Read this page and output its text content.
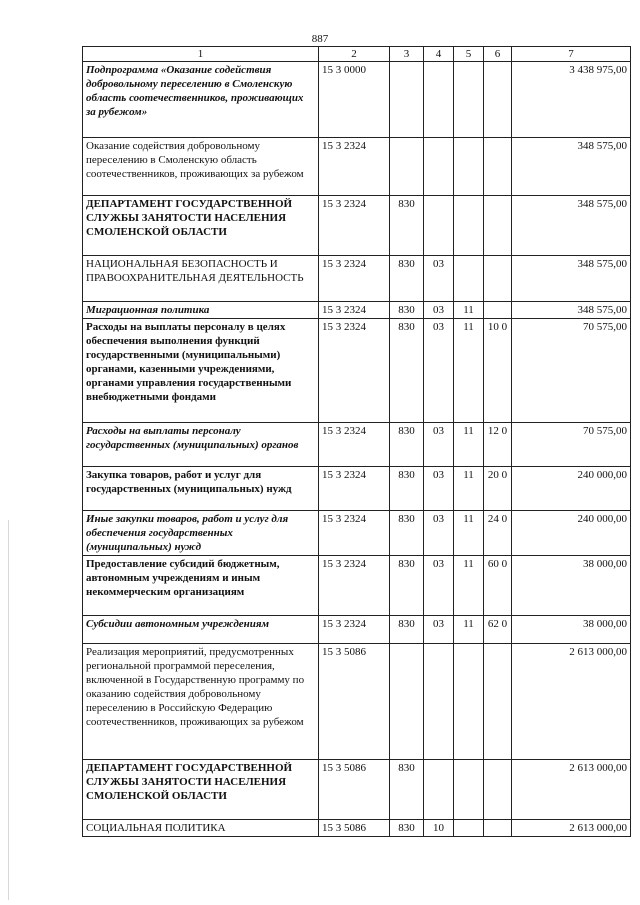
887
1	2	3	4	5	6	7
Подпрограмма «Оказание содействия добровольному переселению в Смоленскую область соотечественников, проживающих за рубежом»	15 3 0000					3 438 975,00
Оказание содействия добровольному переселению в Смоленскую область соотечественников, проживающих за рубежом	15 3 2324					348 575,00
ДЕПАРТАМЕНТ ГОСУДАРСТВЕННОЙ СЛУЖБЫ ЗАНЯТОСТИ НАСЕЛЕНИЯ СМОЛЕНСКОЙ ОБЛАСТИ	15 3 2324	830				348 575,00
НАЦИОНАЛЬНАЯ БЕЗОПАСНОСТЬ И ПРАВООХРАНИТЕЛЬНАЯ ДЕЯТЕЛЬНОСТЬ	15 3 2324	830	03			348 575,00
Миграционная политика	15 3 2324	830	03	11		348 575,00
Расходы на выплаты персоналу в целях обеспечения выполнения функций государственными (муниципальными) органами, казенными учреждениями, органами управления государственными внебюджетными фондами	15 3 2324	830	03	11	10 0	70 575,00
Расходы на выплаты персоналу государственных (муниципальных) органов	15 3 2324	830	03	11	12 0	70 575,00
Закупка товаров, работ и услуг для государственных (муниципальных) нужд	15 3 2324	830	03	11	20 0	240 000,00
Иные закупки товаров, работ и услуг для обеспечения государственных (муниципальных) нужд	15 3 2324	830	03	11	24 0	240 000,00
Предоставление субсидий бюджетным, автономным учреждениям и иным некоммерческим организациям	15 3 2324	830	03	11	60 0	38 000,00
Субсидии автономным учреждениям	15 3 2324	830	03	11	62 0	38 000,00
Реализация мероприятий, предусмотренных региональной программой переселения, включенной в Государственную программу по оказанию содействия добровольному переселению в Российскую Федерацию соотечественников, проживающих за рубежом	15 3 5086					2 613 000,00
ДЕПАРТАМЕНТ ГОСУДАРСТВЕННОЙ СЛУЖБЫ ЗАНЯТОСТИ НАСЕЛЕНИЯ СМОЛЕНСКОЙ ОБЛАСТИ	15 3 5086	830				2 613 000,00
СОЦИАЛЬНАЯ ПОЛИТИКА	15 3 5086	830	10			2 613 000,00
